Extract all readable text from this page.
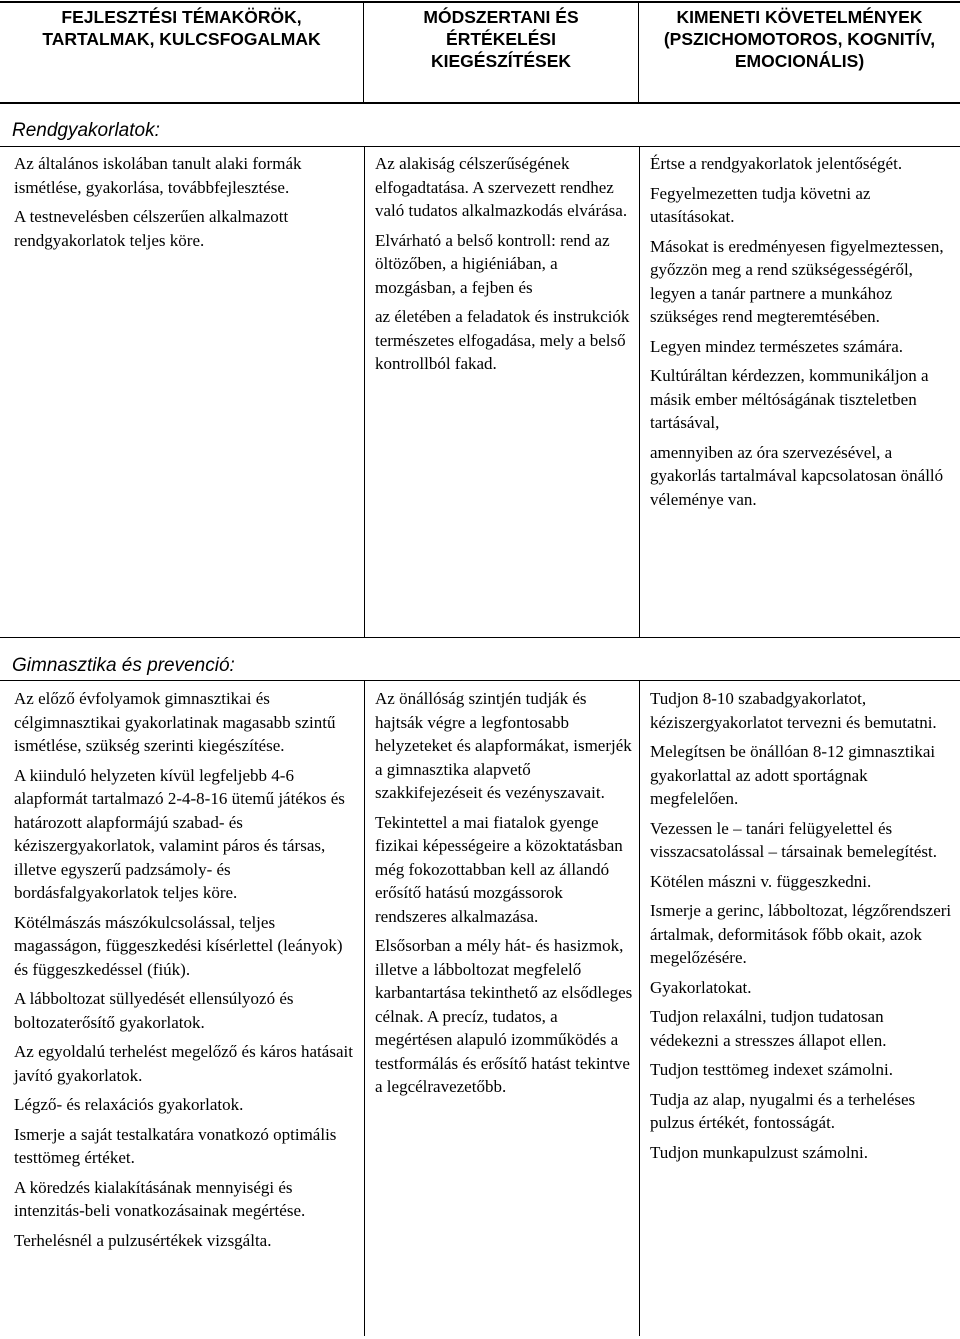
FEJLESZTÉSI TÉMAKÖRÖK, TARTALMAK, KULCSFOGALMAK
MÓDSZERTANI ÉS ÉRTÉKELÉSI KIEGÉSZÍTÉSEK
KIMENETI KÖVETELMÉNYEK (PSZICHOMOTOROS, KOGNITÍV, EMOCIONÁLIS)
Rendgyakorlatok:

Az általános iskolában tanult alaki formák ismétlése, gyakorlása, továbbfejlesztése.

A testnevelésben célszerűen alkalmazott rendgyakorlatok teljes köre.

Az alakiság célszerűségének elfogadtatása. A szervezett rendhez való tudatos alkalmazkodás elvárása.

Elvárható a belső kontroll: rend az öltözőben, a higiéniában, a mozgásban, a fejben és

az életében a feladatok és instrukciók természetes elfogadása, mely a belső kontrollból fakad.

Értse a rendgyakorlatok jelentőségét.

Fegyelmezetten tudja követni az utasításokat.

Másokat is eredményesen figyelmeztessen, győzzön meg a rend szükségességéről, legyen a tanár partnere a munkához szükséges rend megteremtésében.

Legyen mindez természetes számára.

Kultúráltan kérdezzen, kommunikáljon a másik ember méltóságának tiszteletben tartásával,

amennyiben az óra szervezésével, a gyakorlás tartalmával kapcsolatosan önálló véleménye van.

Gimnasztika és prevenció:

Az előző évfolyamok gimnasztikai és célgimnasztikai gyakorlatinak magasabb szintű ismétlése, szükség szerinti kiegészítése.

A kiinduló helyzeten kívül legfeljebb 4-6 alapformát tartalmazó 2-4-8-16 ütemű játékos és határozott alapformájú szabad- és kéziszergyakorlatok, valamint páros és társas, illetve egyszerű padzsámoly- és bordásfalgyakorlatok teljes köre.

Kötélmászás mászókulcsolással, teljes magasságon, függeszkedési kísérlettel (leányok) és függeszkedéssel (fiúk).

A lábboltozat süllyedését ellensúlyozó és boltozaterősítő gyakorlatok.

Az egyoldalú terhelést megelőző és káros hatásait javító gyakorlatok.

Légző- és relaxációs gyakorlatok.

Ismerje a saját testalkatára vonatkozó optimális testtömeg értéket.

A köredzés kialakításának mennyiségi és intenzitás-beli vonatkozásainak megértése.

Terhelésnél a pulzusértékek vizsgálta.

Az önállóság szintjén tudják és hajtsák végre a legfontosabb helyzeteket és alapformákat, ismerjék a gimnasztika alapvető szakkifejezéseit és vezényszavait.

Tekintettel a mai fiatalok gyenge fizikai képességeire a közoktatásban még fokozottabban kell az állandó erősítő hatású mozgássorok rendszeres alkalmazása.

Elsősorban a mély hát- és hasizmok, illetve a lábboltozat megfelelő karbantartása tekinthető az elsődleges célnak. A precíz, tudatos, a megértésen alapuló izomműködés a testformálás és erősítő hatást tekintve a legcélravezetőbb.

Tudjon 8-10 szabadgyakorlatot, kéziszergyakorlatot tervezni és bemutatni.

Melegítsen be önállóan 8-12 gimnasztikai gyakorlattal az adott sportágnak megfelelően.

Vezessen le – tanári felügyelettel és visszacsatolással – társainak bemelegítést.

Kötélen mászni v. függeszkedni.

Ismerje a gerinc, lábboltozat, légzőrendszeri ártalmak, deformitások főbb okait, azok megelőzésére.

Gyakorlatokat.

Tudjon relaxálni, tudjon tudatosan védekezni a stresszes állapot ellen.

Tudjon testtömeg indexet számolni.

Tudja az alap, nyugalmi és a terheléses pulzus értékét, fontosságát.

Tudjon munkapulzust számolni.
